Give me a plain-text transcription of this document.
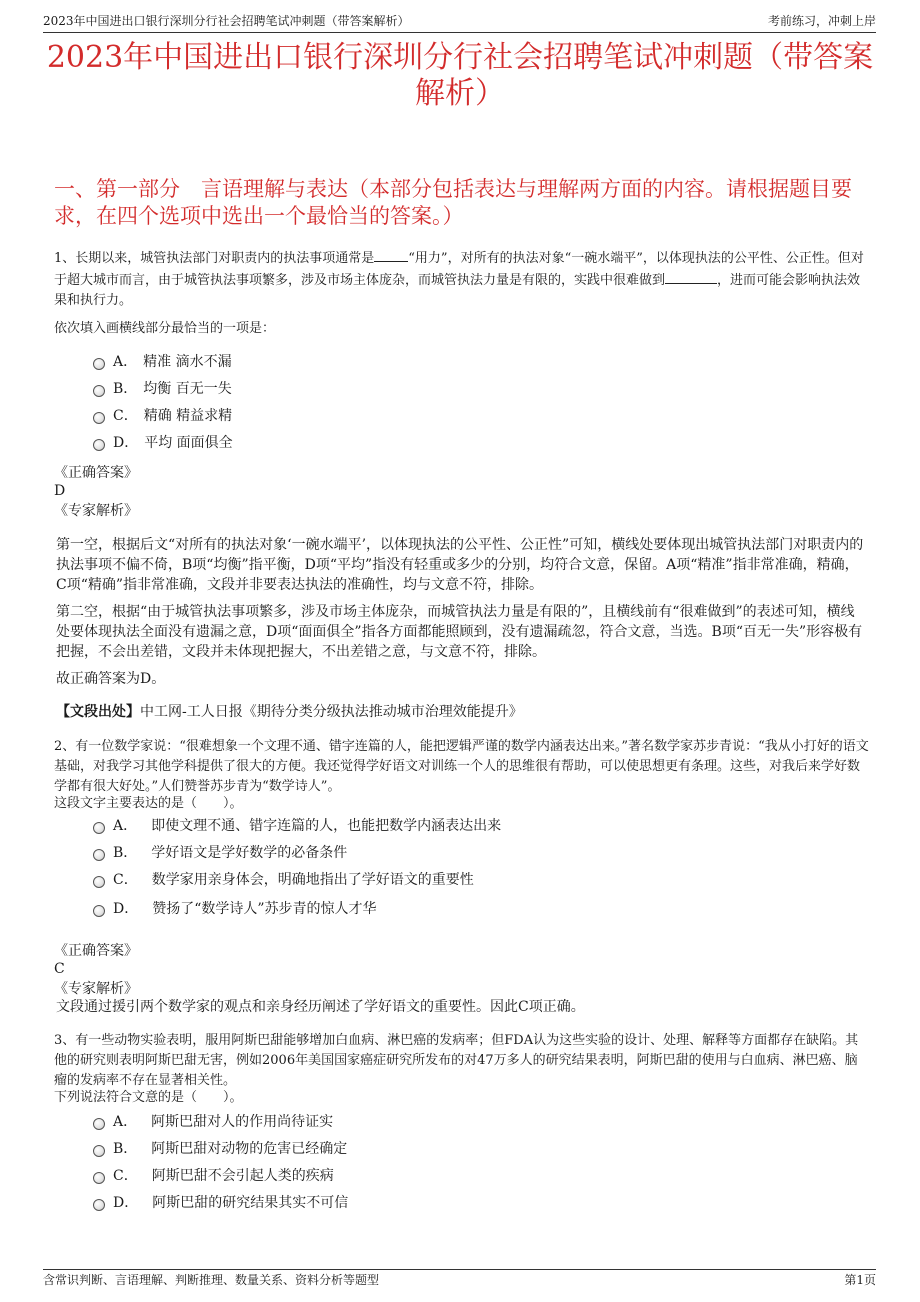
2023年中国进出口银行深圳分行社会招聘笔试冲刺题（带答案解析）	考前练习，冲刺上岸
2023年中国进出口银行深圳分行社会招聘笔试冲刺题（带答案解析）
一、第一部分　言语理解与表达（本部分包括表达与理解两方面的内容。请根据题目要求，在四个选项中选出一个最恰当的答案。）

1、长期以来，城管执法部门对职责内的执法事项通常是	“用力”，对所有的执法对象“一碗水端平”，以体现执法的公平性、公正性。但对于超大城市而言，由于城管执法事项繁多，涉及市场主体庞杂，而城管执法力量是有限的，实践中很难做到	，进而可能会影响执法效果和执行力。

依次填入画横线部分最恰当的一项是：

A． 精准 滴水不漏
B． 均衡 百无一失
C． 精确 精益求精
D． 平均 面面俱全

《正确答案》

D

《专家解析》

第一空，根据后文“对所有的执法对象‘一碗水端平’，以体现执法的公平性、公正性”可知，横线处要体现出城管执法部门对职责内的执法事项不偏不倚，B项“均衡”指平衡，D项“平均”指没有轻重或多少的分别，均符合文意，保留。A项“精准”指非常准确，精确，C项“精确”指非常准确，文段并非要表达执法的准确性，均与文意不符，排除。

第二空，根据“由于城管执法事项繁多，涉及市场主体庞杂，而城管执法力量是有限的”，且横线前有“很难做到”的表述可知，横线处要体现执法全面没有遗漏之意，D项“面面俱全”指各方面都能照顾到，没有遗漏疏忽，符合文意，当选。B项“百无一失”形容极有把握，不会出差错，文段并未体现把握大，不出差错之意，与文意不符，排除。

故正确答案为D。

【文段出处】中工网-工人日报《期待分类分级执法推动城市治理效能提升》

2、有一位数学家说：“很难想象一个文理不通、错字连篇的人，能把逻辑严谨的数学内涵表达出来。”著名数学家苏步青说：“我从小打好的语文基础，对我学习其他学科提供了很大的方便。我还觉得学好语文对训练一个人的思维很有帮助，可以使思想更有条理。这些，对我后来学好数学都有很大好处。”人们赞誉苏步青为“数学诗人”。

这段文字主要表达的是（　　）。

A． 即使文理不通、错字连篇的人，也能把数学内涵表达出来
B． 学好语文是学好数学的必备条件
C． 数学家用亲身体会，明确地指出了学好语文的重要性
D． 赞扬了“数学诗人”苏步青的惊人才华

《正确答案》

C

《专家解析》

文段通过援引两个数学家的观点和亲身经历阐述了学好语文的重要性。因此C项正确。

3、有一些动物实验表明，服用阿斯巴甜能够增加白血病、淋巴癌的发病率；但FDA认为这些实验的设计、处理、解释等方面都存在缺陷。其他的研究则表明阿斯巴甜无害，例如2006年美国国家癌症研究所发布的对47万多人的研究结果表明，阿斯巴甜的使用与白血病、淋巴癌、脑瘤的发病率不存在显著相关性。

下列说法符合文意的是（　　）。

A． 阿斯巴甜对人的作用尚待证实
B． 阿斯巴甜对动物的危害已经确定
C． 阿斯巴甜不会引起人类的疾病
D． 阿斯巴甜的研究结果其实不可信
含常识判断、言语理解、判断推理、数量关系、资料分析等题型	第1页
